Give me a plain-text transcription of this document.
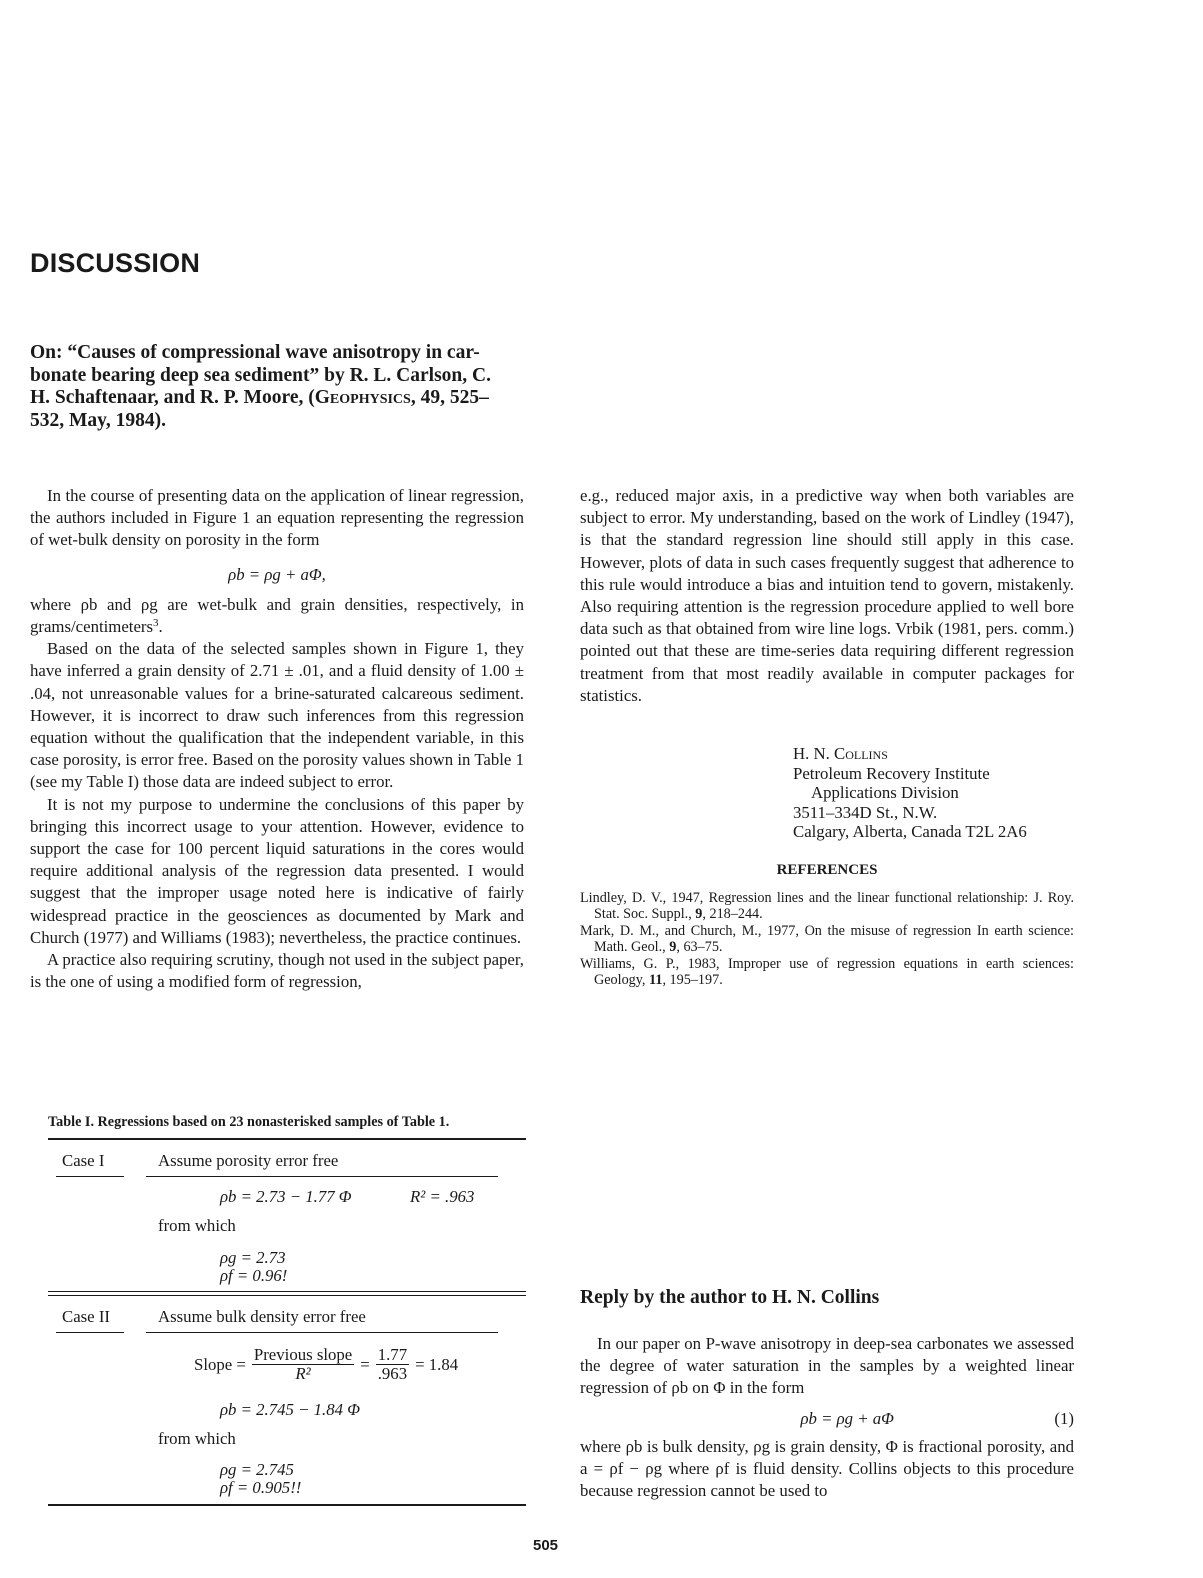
DISCUSSION
On: “Causes of compressional wave anisotropy in car-
bonate bearing deep sea sediment” by R. L. Carlson, C.
H. Schaftenaar, and R. P. Moore, (Geophysics, 49, 525–
532, May, 1984).

In the course of presenting data on the application of linear regression, the authors included in Figure 1 an equation representing the regression of wet-bulk density on porosity in the form

ρb = ρg + aΦ,

where ρb and ρg are wet-bulk and grain densities, respectively, in grams/centimeters$^3$.

Based on the data of the selected samples shown in Figure 1, they have inferred a grain density of 2.71 ± .01, and a fluid density of 1.00 ± .04, not unreasonable values for a brine-saturated calcareous sediment. However, it is incorrect to draw such inferences from this regression equation without the qualification that the independent variable, in this case porosity, is error free. Based on the porosity values shown in Table 1 (see my Table I) those data are indeed subject to error.

It is not my purpose to undermine the conclusions of this paper by bringing this incorrect usage to your attention. However, evidence to support the case for 100 percent liquid saturations in the cores would require additional analysis of the regression data presented. I would suggest that the improper usage noted here is indicative of fairly widespread practice in the geosciences as documented by Mark and Church (1977) and Williams (1983); nevertheless, the practice continues.

A practice also requiring scrutiny, though not used in the subject paper, is the one of using a modified form of regression,

e.g., reduced major axis, in a predictive way when both variables are subject to error. My understanding, based on the work of Lindley (1947), is that the standard regression line should still apply in this case. However, plots of data in such cases frequently suggest that adherence to this rule would introduce a bias and intuition tend to govern, mistakenly. Also requiring attention is the regression procedure applied to well bore data such as that obtained from wire line logs. Vrbik (1981, pers. comm.) pointed out that these are time-series data requiring different regression treatment from that most readily available in computer packages for statistics.

H. N. Collins
Petroleum Recovery Institute
Applications Division
3511–334D St., N.W.
Calgary, Alberta, Canada T2L 2A6
REFERENCES
Lindley, D. V., 1947, Regression lines and the linear functional relationship: J. Roy. Stat. Soc. Suppl., 9, 218–244.
Mark, D. M., and Church, M., 1977, On the misuse of regression In earth science: Math. Geol., 9, 63–75.
Williams, G. P., 1983, Improper use of regression equations in earth sciences: Geology, 11, 195–197.
Table I. Regressions based on 23 nonasterisked samples of Table 1.
Case I	Assume porosity error free
ρb = 2.73 − 1.77 Φ	R² = .963
from which
ρg = 2.73
ρf = 0.96!
Case II	Assume bulk density error free
Slope = $\frac{\text{Previous slope}}{\text{R²}} = \frac{1.77}{.963} = 1.84$
ρb = 2.745 − 1.84 Φ
from which
ρg = 2.745
ρf = 0.905!!
Reply by the author to H. N. Collins

In our paper on P-wave anisotropy in deep-sea carbonates we assessed the degree of water saturation in the samples by a weighted linear regression of ρb on Φ in the form

ρb = ρg + aΦ	(1)

where ρb is bulk density, ρg is grain density, Φ is fractional porosity, and a = ρf − ρg where ρf is fluid density. Collins objects to this procedure because regression cannot be used to

505
